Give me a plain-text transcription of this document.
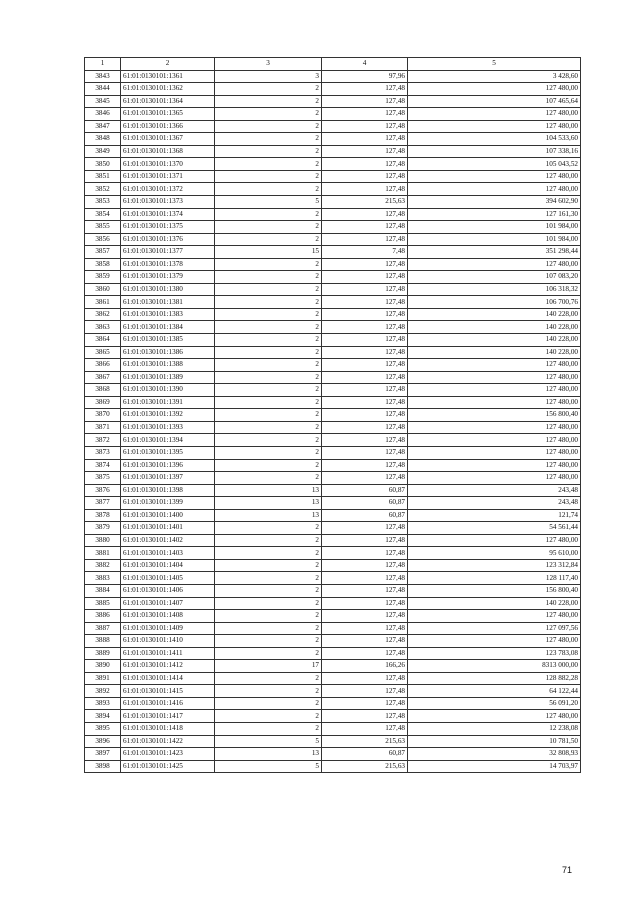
1	2	3	4	5
3843	61:01:0130101:1361	3	97,96	3 428,60
3844	61:01:0130101:1362	2	127,48	127 480,00
3845	61:01:0130101:1364	2	127,48	107 465,64
3846	61:01:0130101:1365	2	127,48	127 480,00
3847	61:01:0130101:1366	2	127,48	127 480,00
3848	61:01:0130101:1367	2	127,48	104 533,60
3849	61:01:0130101:1368	2	127,48	107 338,16
3850	61:01:0130101:1370	2	127,48	105 043,52
3851	61:01:0130101:1371	2	127,48	127 480,00
3852	61:01:0130101:1372	2	127,48	127 480,00
3853	61:01:0130101:1373	5	215,63	394 602,90
3854	61:01:0130101:1374	2	127,48	127 161,30
3855	61:01:0130101:1375	2	127,48	101 984,00
3856	61:01:0130101:1376	2	127,48	101 984,00
3857	61:01:0130101:1377	15	7,48	351 298,44
3858	61:01:0130101:1378	2	127,48	127 480,00
3859	61:01:0130101:1379	2	127,48	107 083,20
3860	61:01:0130101:1380	2	127,48	106 318,32
3861	61:01:0130101:1381	2	127,48	106 700,76
3862	61:01:0130101:1383	2	127,48	140 228,00
3863	61:01:0130101:1384	2	127,48	140 228,00
3864	61:01:0130101:1385	2	127,48	140 228,00
3865	61:01:0130101:1386	2	127,48	140 228,00
3866	61:01:0130101:1388	2	127,48	127 480,00
3867	61:01:0130101:1389	2	127,48	127 480,00
3868	61:01:0130101:1390	2	127,48	127 480,00
3869	61:01:0130101:1391	2	127,48	127 480,00
3870	61:01:0130101:1392	2	127,48	156 800,40
3871	61:01:0130101:1393	2	127,48	127 480,00
3872	61:01:0130101:1394	2	127,48	127 480,00
3873	61:01:0130101:1395	2	127,48	127 480,00
3874	61:01:0130101:1396	2	127,48	127 480,00
3875	61:01:0130101:1397	2	127,48	127 480,00
3876	61:01:0130101:1398	13	60,87	243,48
3877	61:01:0130101:1399	13	60,87	243,48
3878	61:01:0130101:1400	13	60,87	121,74
3879	61:01:0130101:1401	2	127,48	54 561,44
3880	61:01:0130101:1402	2	127,48	127 480,00
3881	61:01:0130101:1403	2	127,48	95 610,00
3882	61:01:0130101:1404	2	127,48	123 312,84
3883	61:01:0130101:1405	2	127,48	128 117,40
3884	61:01:0130101:1406	2	127,48	156 800,40
3885	61:01:0130101:1407	2	127,48	140 228,00
3886	61:01:0130101:1408	2	127,48	127 480,00
3887	61:01:0130101:1409	2	127,48	127 097,56
3888	61:01:0130101:1410	2	127,48	127 480,00
3889	61:01:0130101:1411	2	127,48	123 783,08
3890	61:01:0130101:1412	17	166,26	8313 000,00
3891	61:01:0130101:1414	2	127,48	128 882,28
3892	61:01:0130101:1415	2	127,48	64 122,44
3893	61:01:0130101:1416	2	127,48	56 091,20
3894	61:01:0130101:1417	2	127,48	127 480,00
3895	61:01:0130101:1418	2	127,48	12 238,08
3896	61:01:0130101:1422	5	215,63	10 781,50
3897	61:01:0130101:1423	13	60,87	32 808,93
3898	61:01:0130101:1425	5	215,63	14 703,97
71
